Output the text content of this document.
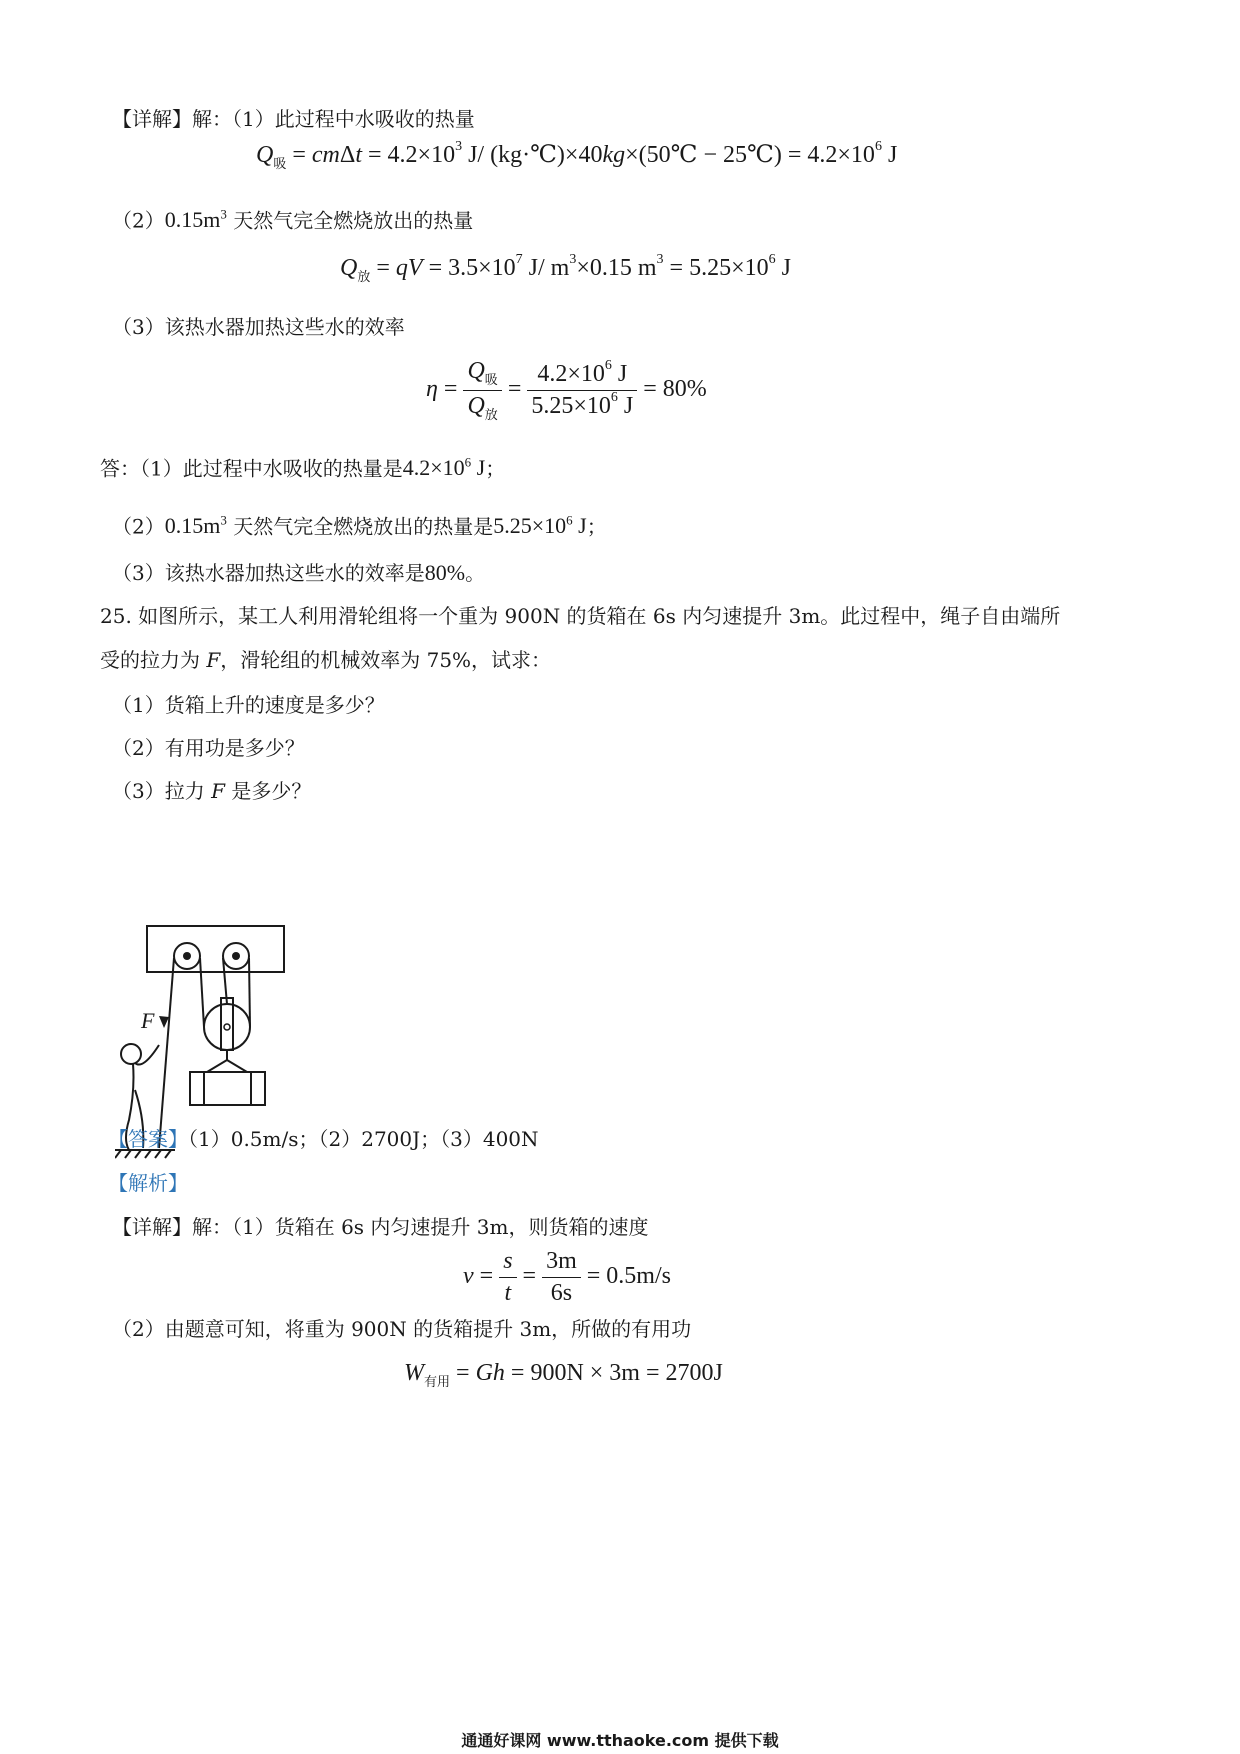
【详解】解：（1）此过程中水吸收的热量
$Q_吸 = cm\Delta t = 4.2\times 10^3$ J/ (kg·℃)×40kg×(50℃ − 25℃) = $4.2\times 10^6$ J
$(2)0.15m^3$ 天然气完全燃烧放出的热量
$Q_放$ = qV = $3.5\times 10^7$ J/ $m^3\times 0.15$ $m^3 = 5.25\times 10^6$ J
（3）该热水器加热这些水的效率
$\eta = \frac{Q_吸}{Q_放} = \frac{4.2\times 10^6 J}{5.25\times 10^6 J} = 80\%$
答：（1）此过程中水吸收的热量是$4.2\times 10^6$ J；
$(2)0.15m^3$ 天然气完全燃烧放出的热量是$5.25\times 10^6$ J；
（3）该热水器加热这些水的效率是80%。
25. 如图所示，某工人利用滑轮组将一个重为 900N 的货箱在 6s 内匀速提升 3m。此过程中，绳子自由端所
受的拉力为 F，滑轮组的机械效率为 75%，试求：
（1）货箱上升的速度是多少？
（2）有用功是多少？
（3）拉力 F 是多少？
F
【答案】（1）0.5m/s；（2）2700J；（3）400N
【解析】
【详解】解：（1）货箱在 6s 内匀速提升 3m，则货箱的速度
$v = \frac{s}{t} = \frac{3m}{6s} = 0.5m/s$
（2）由题意可知，将重为 900N 的货箱提升 3m，所做的有用功
$W_{有用} = Gh = 900N \times 3m = 2700J$
通通好课网 www.tthaoke.com 提供下载
